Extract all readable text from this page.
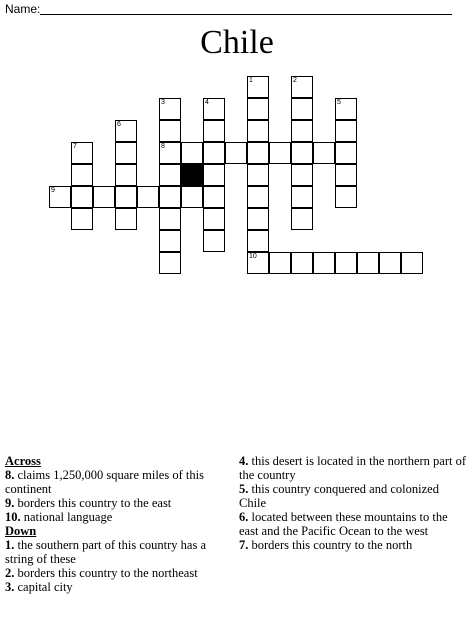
Name:
Chile
1	2
3	4	5
6
7	8
9
10
Across
8. claims 1,250,000 square miles of this continent
9. borders this country to the east
10. national language
Down
1. the southern part of this country has a string of these
2. borders this country to the northeast
3. capital city
4. this desert is located in the northern part of the country
5. this country conquered and colonized Chile
6. located between these mountains to the east and the Pacific Ocean to the west
7. borders this country to the north
